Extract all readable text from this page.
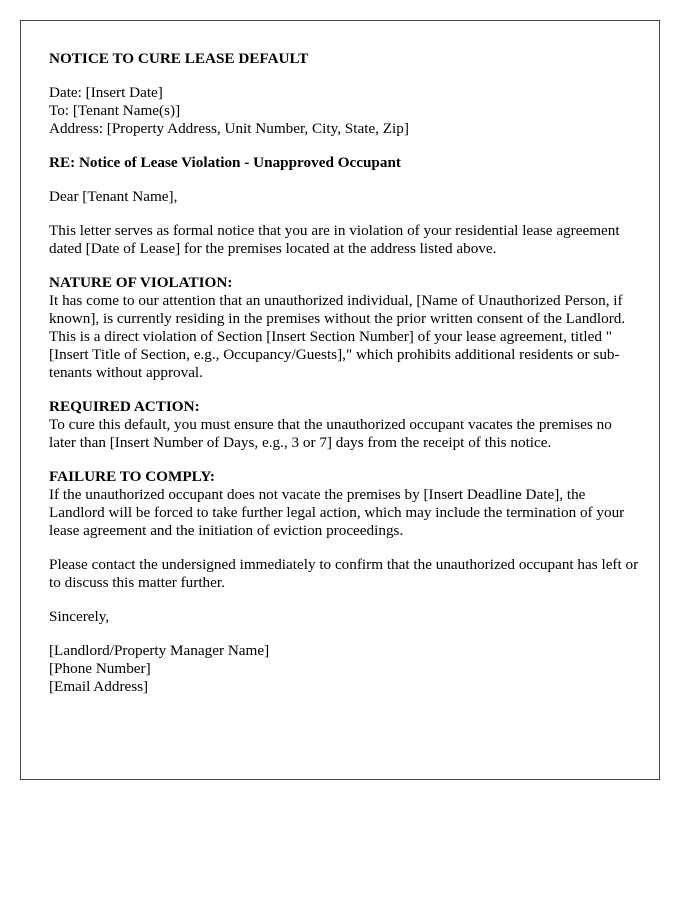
NOTICE TO CURE LEASE DEFAULT

Date: [Insert Date]
To: [Tenant Name(s)]
Address: [Property Address, Unit Number, City, State, Zip]

RE: Notice of Lease Violation - Unapproved Occupant

Dear [Tenant Name],

This letter serves as formal notice that you are in violation of your residential lease agreement dated [Date of Lease] for the premises located at the address listed above.

NATURE OF VIOLATION:
It has come to our attention that an unauthorized individual, [Name of Unauthorized Person, if known], is currently residing in the premises without the prior written consent of the Landlord. This is a direct violation of Section [Insert Section Number] of your lease agreement, titled "[Insert Title of Section, e.g., Occupancy/Guests]," which prohibits additional residents or sub-tenants without approval.
REQUIRED ACTION:
To cure this default, you must ensure that the unauthorized occupant vacates the premises no later than [Insert Number of Days, e.g., 3 or 7] days from the receipt of this notice.
FAILURE TO COMPLY:
If the unauthorized occupant does not vacate the premises by [Insert Deadline Date], the Landlord will be forced to take further legal action, which may include the termination of your lease agreement and the initiation of eviction proceedings.

Please contact the undersigned immediately to confirm that the unauthorized occupant has left or to discuss this matter further.

Sincerely,

[Landlord/Property Manager Name]
[Phone Number]
[Email Address]
